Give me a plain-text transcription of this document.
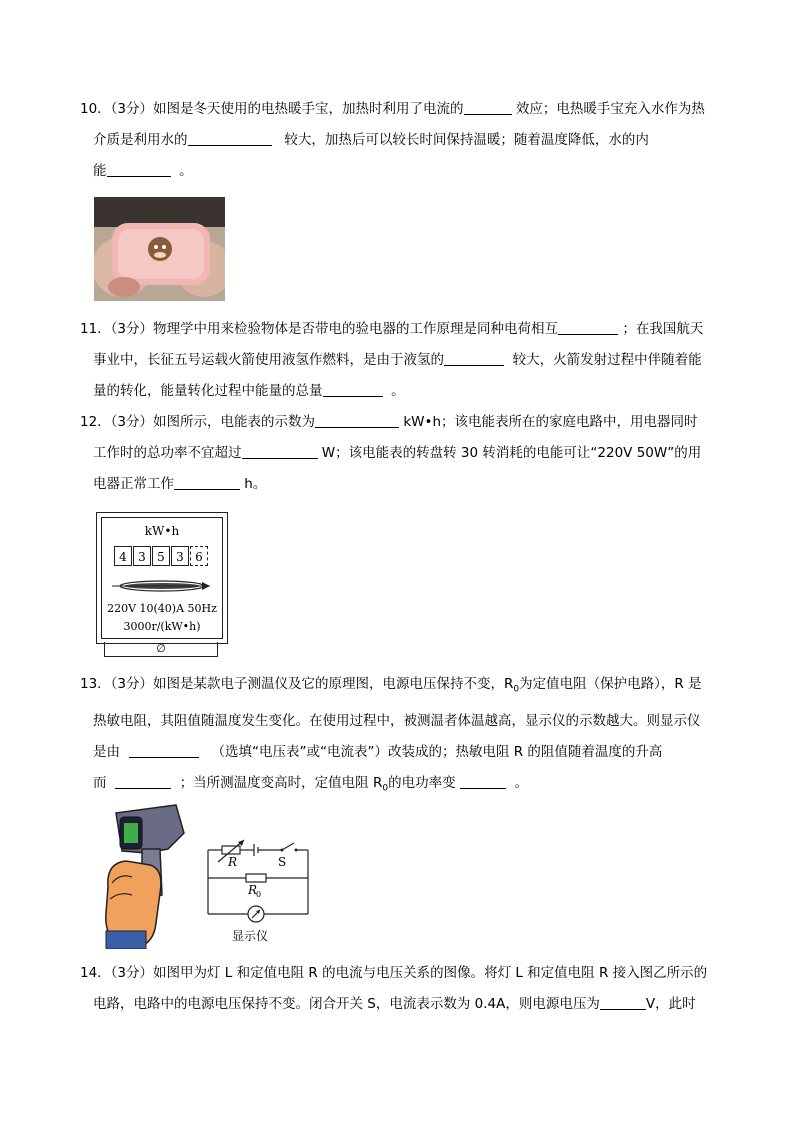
10．（3分）如图是冬天使用的电热暖手宝，加热时利用了电流的	效应；电热暖手宝充入水作为热

介质是利用水的	较大，加热后可以较长时间保持温暖；随着温度降低，水的内

能	。

11．（3分）物理学中用来检验物体是否带电的验电器的工作原理是同种电荷相互	；在我国航天

事业中，长征五号运载火箭使用液氢作燃料，是由于液氢的	较大，火箭发射过程中伴随着能

量的转化，能量转化过程中能量的总量	。

12．（3分）如图所示，电能表的示数为	kW•h；该电能表所在的家庭电路中，用电器同时

工作时的总功率不宜超过	W；该电能表的转盘转 30 转消耗的电能可让“220V 50W”的用

电器正常工作	h。

kW•h
4 3 5 3 6
220V 10(40)A 50Hz
3000r/(kW•h)
∅

13．（3分）如图是某款电子测温仪及它的原理图，电源电压保持不变，$R_0$为定值电阻（保护电路），R 是

热敏电阻，其阻值随温度发生变化。在使用过程中，被测温者体温越高，显示仪的示数越大。则显示仪

是由	（选填“电压表”或“电流表”）改装成的；热敏电阻 R 的阻值随着温度的升高

而	；当所测温度变高时，定值电阻 $R_0$的电功率变	。

R	S
R
0
显示仪

14．（3分）如图甲为灯 L 和定值电阻 R 的电流与电压关系的图像。将灯 L 和定值电阻 R 接入图乙所示的

电路，电路中的电源电压保持不变。闭合开关 S，电流表示数为 0.4A，则电源电压为	V，此时
